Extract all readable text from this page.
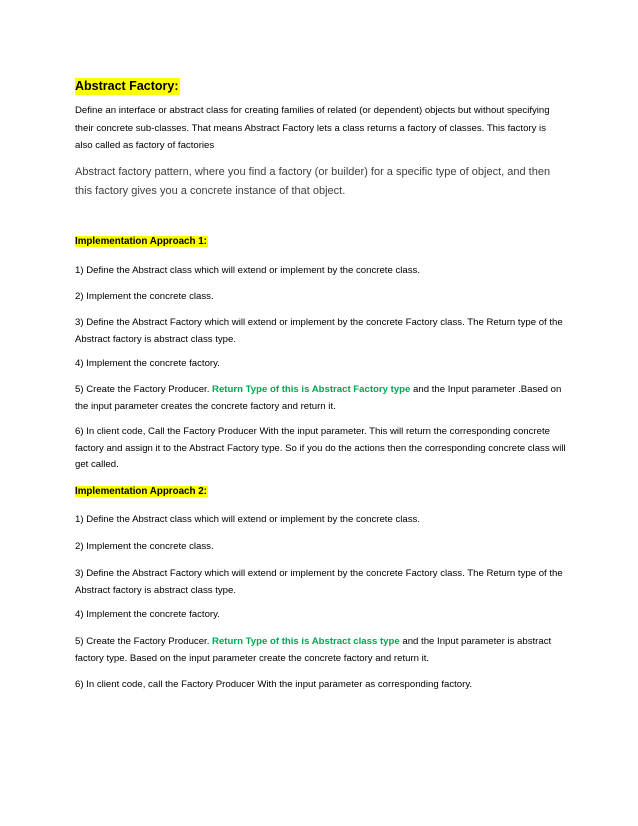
Abstract Factory:
Define an interface or abstract class for creating families of related (or dependent) objects but without specifying their concrete sub-classes. That means Abstract Factory lets a class returns a factory of classes. This factory is also called as factory of factories
Abstract factory pattern, where you find a factory (or builder) for a specific type of object, and then this factory gives you a concrete instance of that object.
Implementation Approach 1:
1) Define the Abstract class which will extend or implement by the concrete class.
2) Implement the concrete class.
3) Define the Abstract Factory which will extend or implement by the concrete Factory class. The Return type of the Abstract factory is abstract class type.
4) Implement the concrete factory.
5) Create the Factory Producer. Return Type of this is Abstract Factory type and the Input parameter .Based on the input parameter creates the concrete factory and return it.
6) In client code, Call the Factory Producer With the input parameter. This will return the corresponding concrete factory and assign it to the Abstract Factory type. So if you do the actions then the corresponding concrete class will get called.
Implementation Approach 2:
1) Define the Abstract class which will extend or implement by the concrete class.
2) Implement the concrete class.
3) Define the Abstract Factory which will extend or implement by the concrete Factory class. The Return type of the Abstract factory is abstract class type.
4) Implement the concrete factory.
5) Create the Factory Producer. Return Type of this is Abstract class type and the Input parameter is abstract factory type. Based on the input parameter create the concrete factory and return it.
6) In client code, call the Factory Producer With the input parameter as corresponding factory.
